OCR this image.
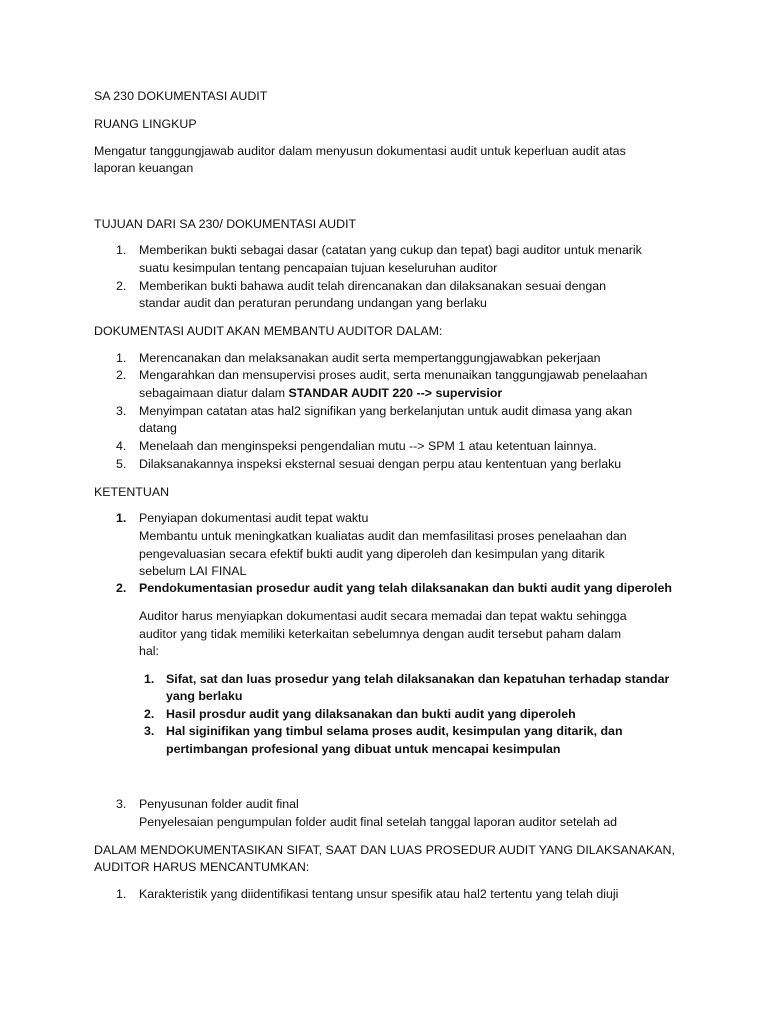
SA 230 DOKUMENTASI AUDIT
RUANG LINGKUP
Mengatur tanggungjawab auditor dalam menyusun dokumentasi audit untuk keperluan audit atas
laporan keuangan
TUJUAN DARI SA 230/ DOKUMENTASI AUDIT
1. Memberikan bukti sebagai dasar (catatan yang cukup dan tepat) bagi auditor untuk menarik
suatu kesimpulan tentang pencapaian tujuan keseluruhan auditor
2. Memberikan bukti bahawa audit telah direncanakan dan dilaksanakan sesuai dengan
standar audit dan peraturan perundang undangan yang berlaku
DOKUMENTASI AUDIT AKAN MEMBANTU AUDITOR DALAM:
1. Merencanakan dan melaksanakan audit serta mempertanggungjawabkan pekerjaan
2. Mengarahkan dan mensupervisi proses audit, serta menunaikan tanggungjawab penelaahan
sebagaimaan diatur dalam STANDAR AUDIT 220 --> supervisior
3. Menyimpan catatan atas hal2 signifikan yang berkelanjutan untuk audit dimasa yang akan
datang
4. Menelaah dan menginspeksi pengendalian mutu --> SPM 1 atau ketentuan lainnya.
5. Dilaksanakannya inspeksi eksternal sesuai dengan perpu atau kententuan yang berlaku
KETENTUAN
1. Penyiapan dokumentasi audit tepat waktu
Membantu untuk meningkatkan kualiatas audit dan memfasilitasi proses penelaahan dan
pengevaluasian secara efektif bukti audit yang diperoleh dan kesimpulan yang ditarik
sebelum LAI FINAL
2. Pendokumentasian prosedur audit yang telah dilaksanakan dan bukti audit yang diperoleh
Auditor harus menyiapkan dokumentasi audit secara memadai dan tepat waktu sehingga
auditor yang tidak memiliki keterkaitan sebelumnya dengan audit tersebut paham dalam
hal:
1. Sifat, sat dan luas prosedur yang telah dilaksanakan dan kepatuhan terhadap standar
yang berlaku
2. Hasil prosdur audit yang dilaksanakan dan bukti audit yang diperoleh
3. Hal siginifikan yang timbul selama proses audit, kesimpulan yang ditarik, dan
pertimbangan profesional yang dibuat untuk mencapai kesimpulan
3. Penyusunan folder audit final
Penyelesaian pengumpulan folder audit final setelah tanggal laporan auditor setelah ad
DALAM MENDOKUMENTASIKAN SIFAT, SAAT DAN LUAS PROSEDUR AUDIT YANG DILAKSANAKAN,
AUDITOR HARUS MENCANTUMKAN:
1. Karakteristik yang diidentifikasi tentang unsur spesifik atau hal2 tertentu yang telah diuji
